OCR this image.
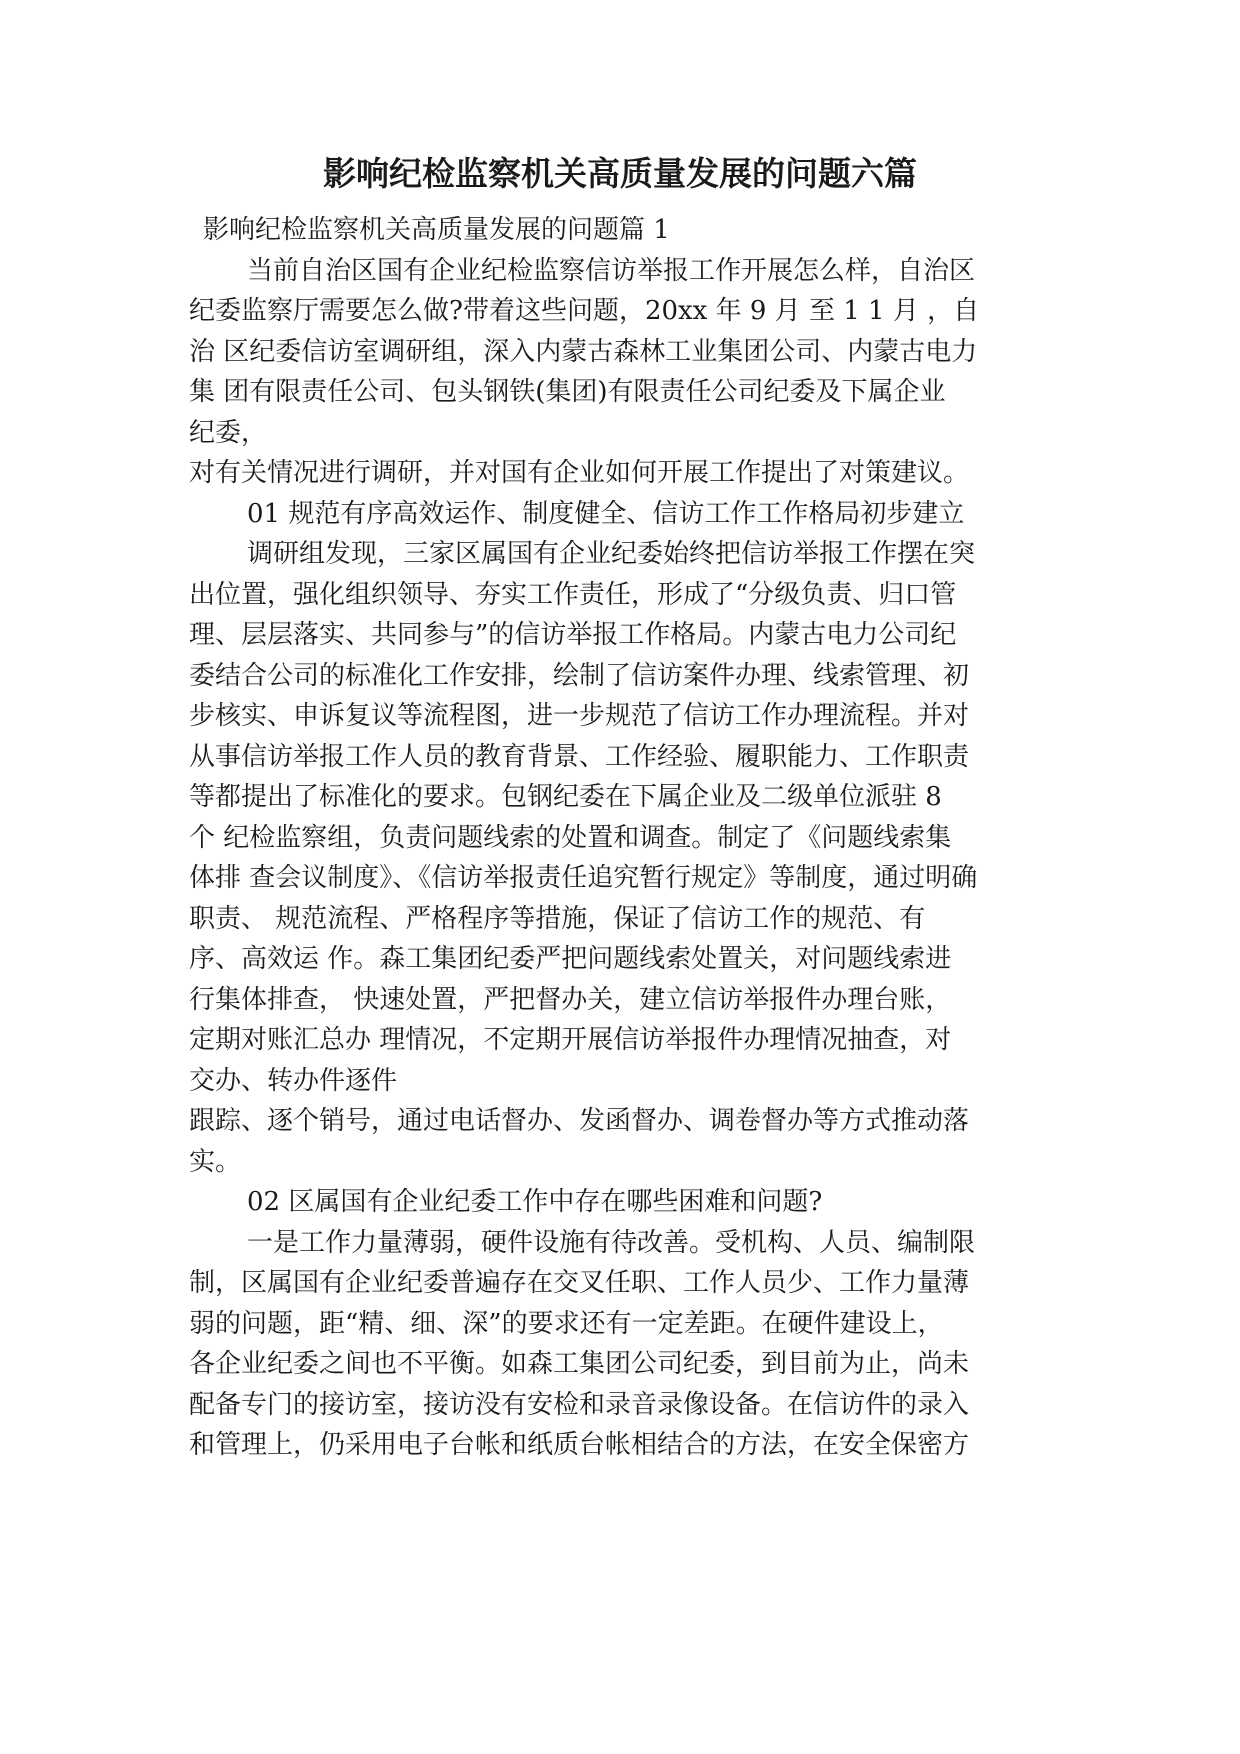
影响纪检监察机关高质量发展的问题六篇
影响纪检监察机关高质量发展的问题篇 1
当前自治区国有企业纪检监察信访举报工作开展怎么样，自治区
纪委监察厅需要怎么做?带着这些问题，20xx 年 9 月 至 1 1 月 ，自
治 区纪委信访室调研组，深入内蒙古森林工业集团公司、内蒙古电力
集 团有限责任公司、包头钢铁(集团)有限责任公司纪委及下属企业
纪委，
对有关情况进行调研，并对国有企业如何开展工作提出了对策建议。
01 规范有序高效运作、制度健全、信访工作工作格局初步建立
调研组发现，三家区属国有企业纪委始终把信访举报工作摆在突
出位置，强化组织领导、夯实工作责任，形成了“分级负责、归口管
理、层层落实、共同参与”的信访举报工作格局。内蒙古电力公司纪
委结合公司的标准化工作安排，绘制了信访案件办理、线索管理、初
步核实、申诉复议等流程图，进一步规范了信访工作办理流程。并对
从事信访举报工作人员的教育背景、工作经验、履职能力、工作职责
等都提出了标准化的要求。包钢纪委在下属企业及二级单位派驻 8
个 纪检监察组，负责问题线索的处置和调查。制定了《问题线索集
体排 查会议制度》、《信访举报责任追究暂行规定》等制度，通过明确
职责、 规范流程、严格程序等措施，保证了信访工作的规范、有
序、高效运 作。森工集团纪委严把问题线索处置关，对问题线索进
行集体排查， 快速处置，严把督办关，建立信访举报件办理台账，
定期对账汇总办 理情况，不定期开展信访举报件办理情况抽查，对
交办、转办件逐件
跟踪、逐个销号，通过电话督办、发函督办、调卷督办等方式推动落
实。
02 区属国有企业纪委工作中存在哪些困难和问题?
一是工作力量薄弱，硬件设施有待改善。受机构、人员、编制限
制，区属国有企业纪委普遍存在交叉任职、工作人员少、工作力量薄
弱的问题，距“精、细、深”的要求还有一定差距。在硬件建设上，
各企业纪委之间也不平衡。如森工集团公司纪委，到目前为止，尚未
配备专门的接访室，接访没有安检和录音录像设备。在信访件的录入
和管理上，仍采用电子台帐和纸质台帐相结合的方法，在安全保密方
